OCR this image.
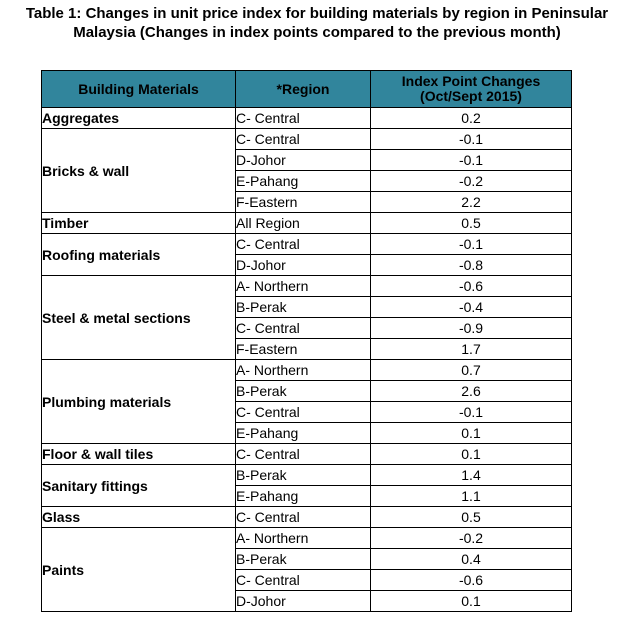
Table 1: Changes in unit price index for building materials by region in Peninsular
Malaysia (Changes in index points compared to the previous month)
Building Materials	*Region	Index Point Changes
(Oct/Sept 2015)

Aggregates	C- Central	0.2
Bricks & wall	C- Central	-0.1
	D-Johor	-0.1
	E-Pahang	-0.2
	F-Eastern	2.2
Timber	All Region	0.5
Roofing materials	C- Central	-0.1
	D-Johor	-0.8
Steel & metal sections	A- Northern	-0.6
	B-Perak	-0.4
	C- Central	-0.9
	F-Eastern	1.7
Plumbing materials	A- Northern	0.7
	B-Perak	2.6
	C- Central	-0.1
	E-Pahang	0.1
Floor & wall tiles	C- Central	0.1
Sanitary fittings	B-Perak	1.4
	E-Pahang	1.1
Glass	C- Central	0.5
Paints	A- Northern	-0.2
	B-Perak	0.4
	C- Central	-0.6
	D-Johor	0.1
